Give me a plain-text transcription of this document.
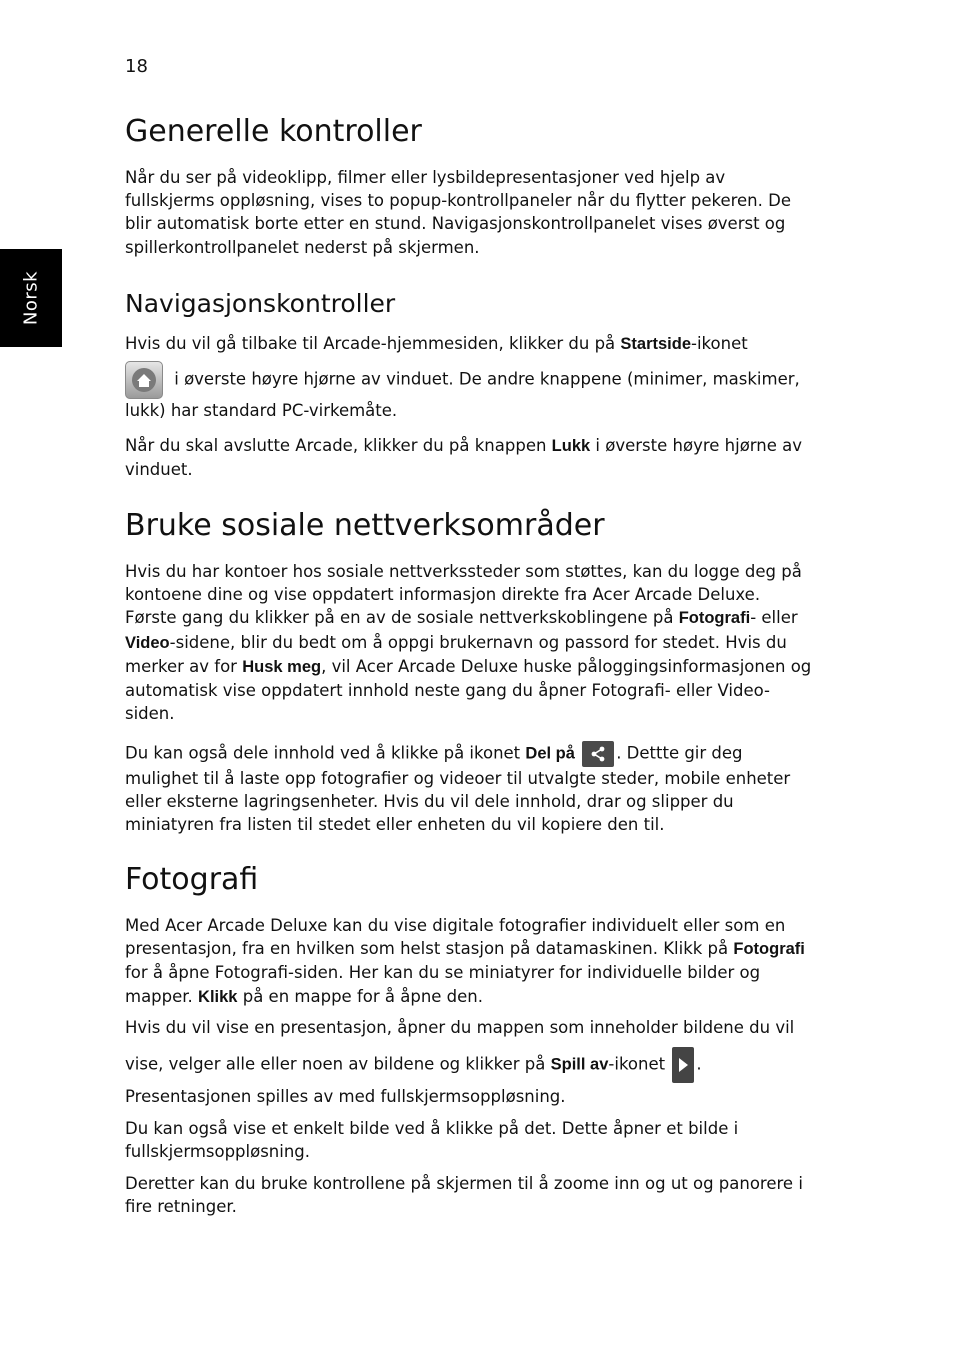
18
Norsk
Generelle kontroller

Når du ser på videoklipp, filmer eller lysbildepresentasjoner ved hjelp av fullskjerms oppløsning, vises to popup-kontrollpaneler når du flytter pekeren. De blir automatisk borte etter en stund. Navigasjonskontrollpanelet vises øverst og spillerkontrollpanelet nederst på skjermen.

Navigasjonskontroller

Hvis du vil gå tilbake til Arcade-hjemmesiden, klikker du på Startside-ikonet

i øverste høyre hjørne av vinduet. De andre knappene (minimer, maskimer, lukk) har standard PC-virkemåte.

Når du skal avslutte Arcade, klikker du på knappen Lukk i øverste høyre hjørne av vinduet.

Bruke sosiale nettverksområder

Hvis du har kontoer hos sosiale nettverkssteder som støttes, kan du logge deg på kontoene dine og vise oppdatert informasjon direkte fra Acer Arcade Deluxe. Første gang du klikker på en av de sosiale nettverkskoblingene på Fotografi- eller Video-sidene, blir du bedt om å oppgi brukernavn og passord for stedet. Hvis du merker av for Husk meg, vil Acer Arcade Deluxe huske påloggingsinformasjonen og automatisk vise oppdatert innhold neste gang du åpner Fotografi- eller Video-siden.

Du kan også dele innhold ved å klikke på ikonet Del på	. Dettte gir deg mulighet til å laste opp fotografier og videoer til utvalgte steder, mobile enheter eller eksterne lagringsenheter. Hvis du vil dele innhold, drar og slipper du miniatyren fra listen til stedet eller enheten du vil kopiere den til.

Fotografi

Med Acer Arcade Deluxe kan du vise digitale fotografier individuelt eller som en presentasjon, fra en hvilken som helst stasjon på datamaskinen. Klikk på Fotografi for å åpne Fotografi-siden. Her kan du se miniatyrer for individuelle bilder og mapper. Klikk på en mappe for å åpne den.

Hvis du vil vise en presentasjon, åpner du mappen som inneholder bildene du vil

vise, velger alle eller noen av bildene og klikker på Spill av-ikonet
.

Presentasjonen spilles av med fullskjermsoppløsning.

Du kan også vise et enkelt bilde ved å klikke på det. Dette åpner et bilde i fullskjermsoppløsning.

Deretter kan du bruke kontrollene på skjermen til å zoome inn og ut og panorere i fire retninger.
